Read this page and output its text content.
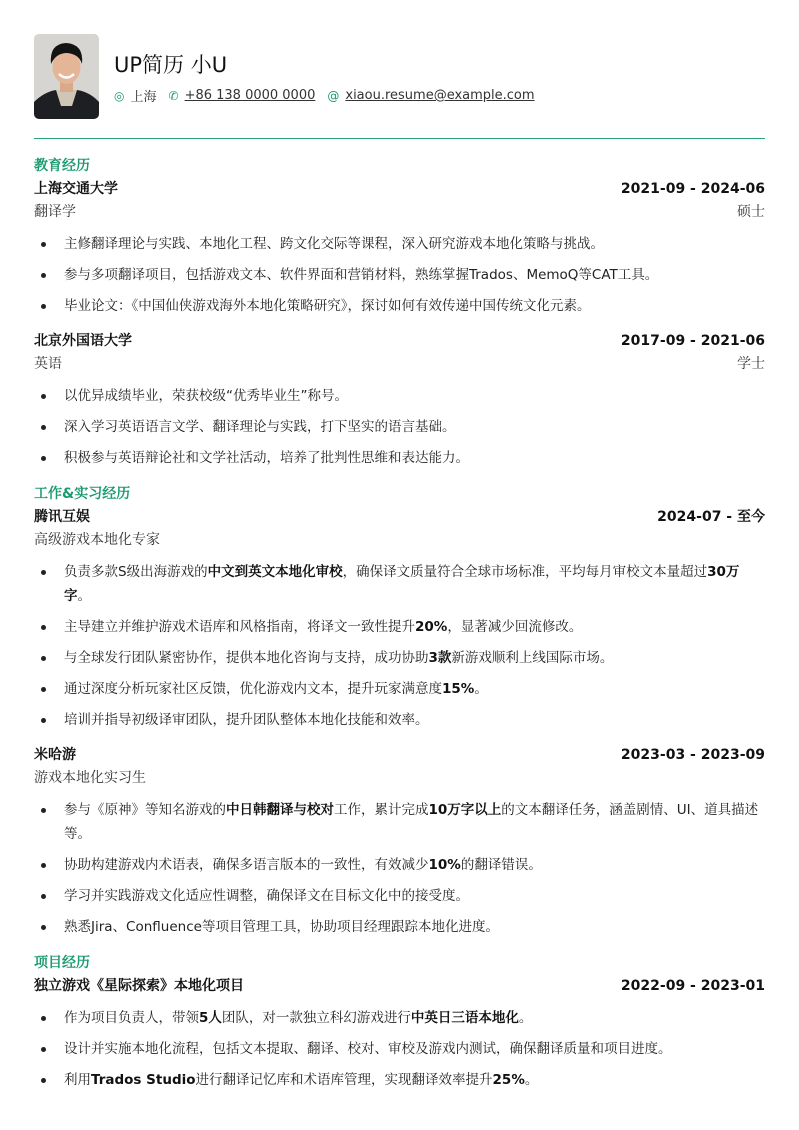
UP简历 小U
◎ 上海 ✆ +86 138 0000 0000 @ xiaou.resume@example.com
教育经历
上海交通大学	2021-09 - 2024-06
翻译学	硕士
主修翻译理论与实践、本地化工程、跨文化交际等课程，深入研究游戏本地化策略与挑战。
参与多项翻译项目，包括游戏文本、软件界面和营销材料，熟练掌握Trados、MemoQ等CAT工具。
毕业论文：《中国仙侠游戏海外本地化策略研究》，探讨如何有效传递中国传统文化元素。
北京外国语大学	2017-09 - 2021-06
英语	学士
以优异成绩毕业，荣获校级“优秀毕业生”称号。
深入学习英语语言文学、翻译理论与实践，打下坚实的语言基础。
积极参与英语辩论社和文学社活动，培养了批判性思维和表达能力。
工作&实习经历
腾讯互娱	2024-07 - 至今
高级游戏本地化专家
负责多款S级出海游戏的中文到英文本地化审校，确保译文质量符合全球市场标准，平均每月审校文本量超过30万字。
主导建立并维护游戏术语库和风格指南，将译文一致性提升20%，显著减少回流修改。
与全球发行团队紧密协作，提供本地化咨询与支持，成功协助3款新游戏顺利上线国际市场。
通过深度分析玩家社区反馈，优化游戏内文本，提升玩家满意度15%。
培训并指导初级译审团队，提升团队整体本地化技能和效率。
米哈游	2023-03 - 2023-09
游戏本地化实习生
参与《原神》等知名游戏的中日韩翻译与校对工作，累计完成10万字以上的文本翻译任务，涵盖剧情、UI、道具描述等。
协助构建游戏内术语表，确保多语言版本的一致性，有效减少10%的翻译错误。
学习并实践游戏文化适应性调整，确保译文在目标文化中的接受度。
熟悉Jira、Confluence等项目管理工具，协助项目经理跟踪本地化进度。
项目经历
独立游戏《星际探索》本地化项目	2022-09 - 2023-01
作为项目负责人，带领5人团队，对一款独立科幻游戏进行中英日三语本地化。
设计并实施本地化流程，包括文本提取、翻译、校对、审校及游戏内测试，确保翻译质量和项目进度。
利用Trados Studio进行翻译记忆库和术语库管理，实现翻译效率提升25%。
